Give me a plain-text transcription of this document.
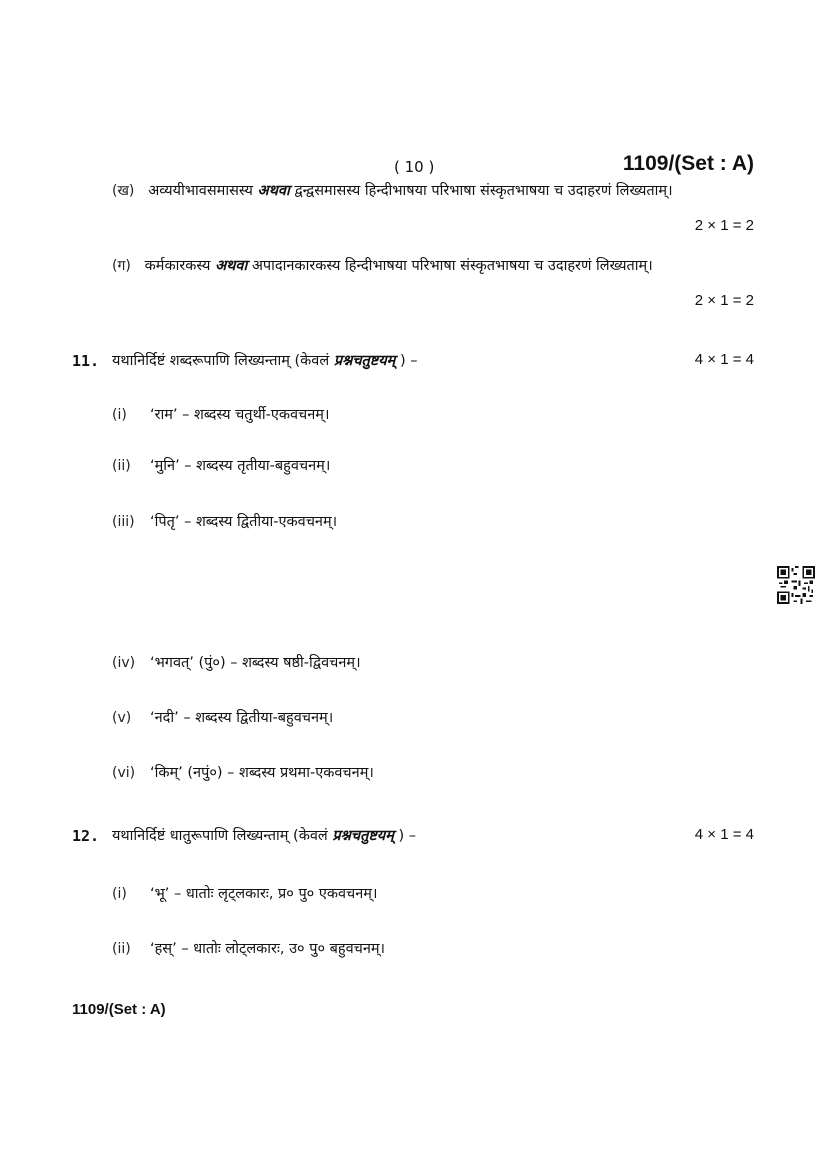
( 10 )	1109/(Set : A)
(ख) अव्ययीभावसमासस्य अथवा द्वन्द्वसमासस्य हिन्दीभाषया परिभाषा संस्कृतभाषया च उदाहरणं लिख्यताम्।
2 × 1 = 2
(ग) कर्मकारकस्य अथवा अपादानकारकस्य हिन्दीभाषया परिभाषा संस्कृतभाषया च उदाहरणं लिख्यताम्।
2 × 1 = 2
11. यथानिर्दिष्टं शब्दरूपाणि लिख्यन्ताम् (केवलं प्रश्नचतुष्टयम् ) –	4 × 1 = 4
(i) ‘राम’ – शब्दस्य चतुर्थी-एकवचनम्।
(ii) ‘मुनि’ – शब्दस्य तृतीया-बहुवचनम्।
(iii) ‘पितृ’ – शब्दस्य द्वितीया-एकवचनम्।
(iv) ‘भगवत्’ (पुं०) – शब्दस्य षष्ठी-द्विवचनम्।
(v) ‘नदी’ – शब्दस्य द्वितीया-बहुवचनम्।
(vi) ‘किम्’ (नपुं०) – शब्दस्य प्रथमा-एकवचनम्।
12. यथानिर्दिष्टं धातुरूपाणि लिख्यन्ताम् (केवलं प्रश्नचतुष्टयम् ) –	4 × 1 = 4
(i) ‘भू’ – धातोः लृट्लकारः, प्र० पु० एकवचनम्।
(ii) ‘हस्’ – धातोः लोट्लकारः, उ० पु० बहुवचनम्।
1109/(Set : A)
